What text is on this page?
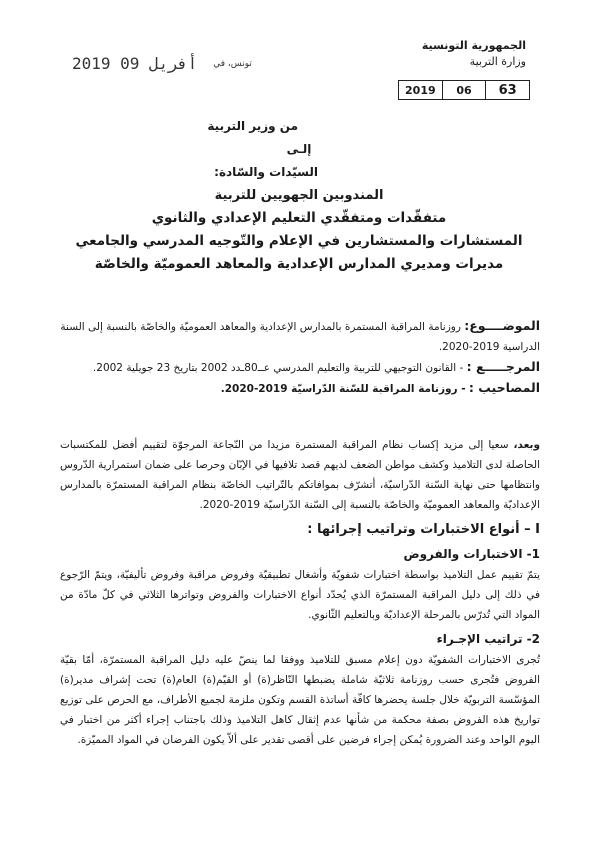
الجمهورية التونسية
وزارة التربية
2019	06	63
2019 أفريل 09 تونس، في
من وزير التربية
إلـى
السيّدات والسّادة:
المندوبين الجهويين للتربية
متفقّدات ومتفقّدي التعليم الإعدادي والثانوي
المستشارات والمستشارين في الإعلام والتّوجيه المدرسي والجامعي
مديرات ومديري المدارس الإعدادية والمعاهد العموميّة والخاصّة
الموضــــوع: روزنامة المراقبة المستمرة بالمدارس الإعدادية والمعاهد العموميّة والخاصّة بالنسبة إلى السنة الدراسية 2019-2020.
المرجـــــع : - القانون التوجيهي للتربية والتعليم المدرسي عــ80ـدد 2002 بتاريخ 23 جويلية 2002.
المصاحيب : - روزنامة المراقبة للسّنة الدّراسيّة 2019-2020.

وبعد، سعيا إلى مزيد إكساب نظام المراقبة المستمرة مزيدا من النّجاعة المرجوّة لتقييم أفضل للمكتسبات الحاصلة لدى التلاميذ وكشف مواطن الضعف لديهم قصد تلافيها في الإبّان وحرصا على ضمان استمرارية الدّروس وانتظامها حتى نهاية السّنة الدّراسيّة، أتشرّف بموافاتكم بالتّراتيب الخاصّة بنظام المراقبة المستمرّة بالمدارس الإعداديّة والمعاهد العموميّة والخاصّة بالنسبة إلى السّنة الدّراسيّة 2019-2020.

I – أنواع الاختبارات وتراتيب إجرائها :
1- الاختبارات والفروض

يتمّ تقييم عمل التلاميذ بواسطة اختبارات شفويّة وأشغال تطبيقيّة وفروض مراقبة وفروض تأليفيّة، ويتمّ الرّجوع في ذلك إلى دليل المراقبة المستمرّة الذي يُحدّد أنواع الاختبارات والفروض وتواترها الثلاثي في كلّ مادّة من المواد التي تُدرّس بالمرحلة الإعداديّة وبالتعليم الثّانوي.

2- تراتيب الإجـراء

تُجرى الاختبارات الشفويّة دون إعلام مسبق للتلاميذ ووفقا لما ينصّ عليه دليل المراقبة المستمرّة، أمّا بقيّة الفروض فتُجرى حسب روزنامة ثلاثيّة شاملة يضبطها النّاظر(ة) أو القيّم(ة) العام(ة) تحت إشراف مدير(ة) المؤسّسة التربويّة خلال جلسة يحضرها كافّة أساتذة القسم وتكون ملزمة لجميع الأطراف، مع الحرص على توزيع تواريخ هذه الفروض بصفة محكمة من شأنها عدم إثقال كاهل التلاميذ وذلك باجتناب إجراء أكثر من اختبار في اليوم الواحد وعند الضرورة يُمكن إجراء فرضين على أقصى تقدير على ألاّ يكون الفرضان في المواد المميّزة.
